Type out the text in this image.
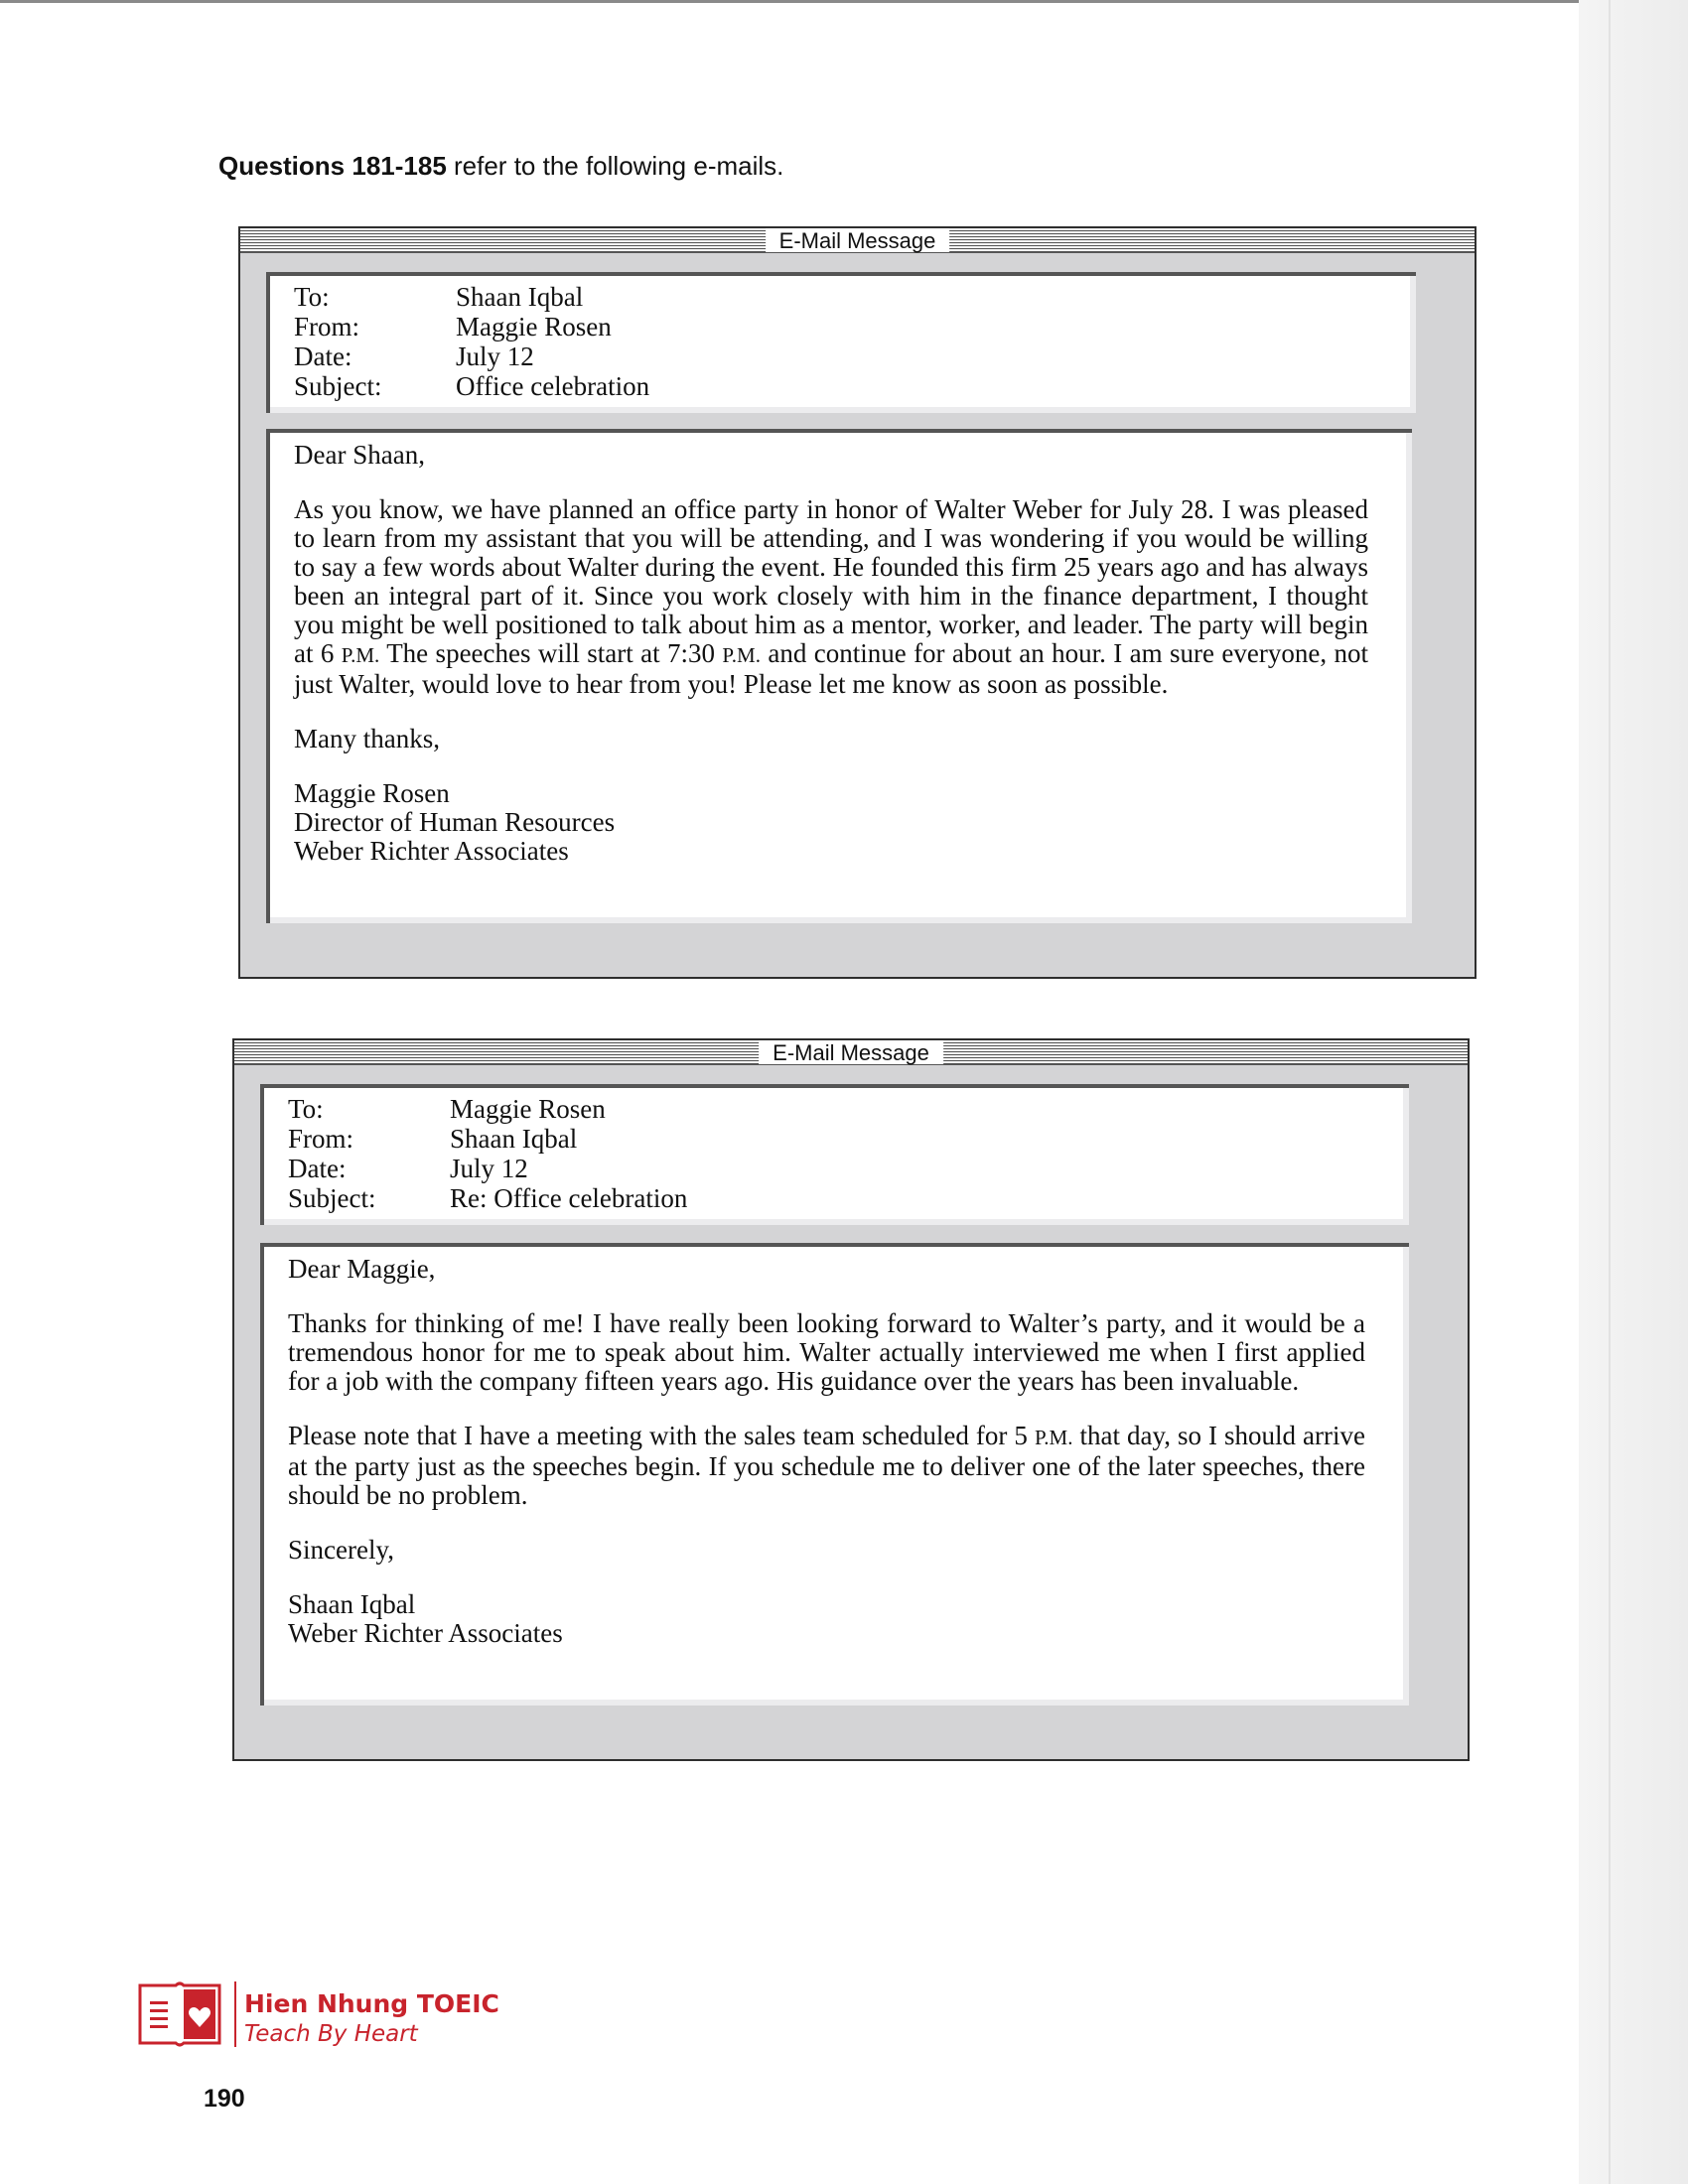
Questions 181-185 refer to the following e-mails.
E-Mail Message
To:	Shaan Iqbal
From:	Maggie Rosen
Date:	July 12
Subject:	Office celebration

Dear Shaan,

As you know, we have planned an office party in honor of Walter Weber for July 28. I was pleased to learn from my assistant that you will be attending, and I was wondering if you would be willing to say a few words about Walter during the event. He founded this firm 25 years ago and has always been an integral part of it. Since you work closely with him in the finance department, I thought you might be well positioned to talk about him as a mentor, worker, and leader. The party will begin at 6 P.M. The speeches will start at 7:30 P.M. and continue for about an hour. I am sure everyone, not just Walter, would love to hear from you! Please let me know as soon as possible.

Many thanks,

Maggie Rosen

Director of Human Resources

Weber Richter Associates

E-Mail Message
To:	Maggie Rosen
From:	Shaan Iqbal
Date:	July 12
Subject:	Re: Office celebration

Dear Maggie,

Thanks for thinking of me! I have really been looking forward to Walter’s party, and it would be a tremendous honor for me to speak about him. Walter actually interviewed me when I first applied for a job with the company fifteen years ago. His guidance over the years has been invaluable.

Please note that I have a meeting with the sales team scheduled for 5 P.M. that day, so I should arrive at the party just as the speeches begin. If you schedule me to deliver one of the later speeches, there should be no problem.

Sincerely,

Shaan Iqbal

Weber Richter Associates

Hien Nhung TOEIC
Teach By Heart
190
